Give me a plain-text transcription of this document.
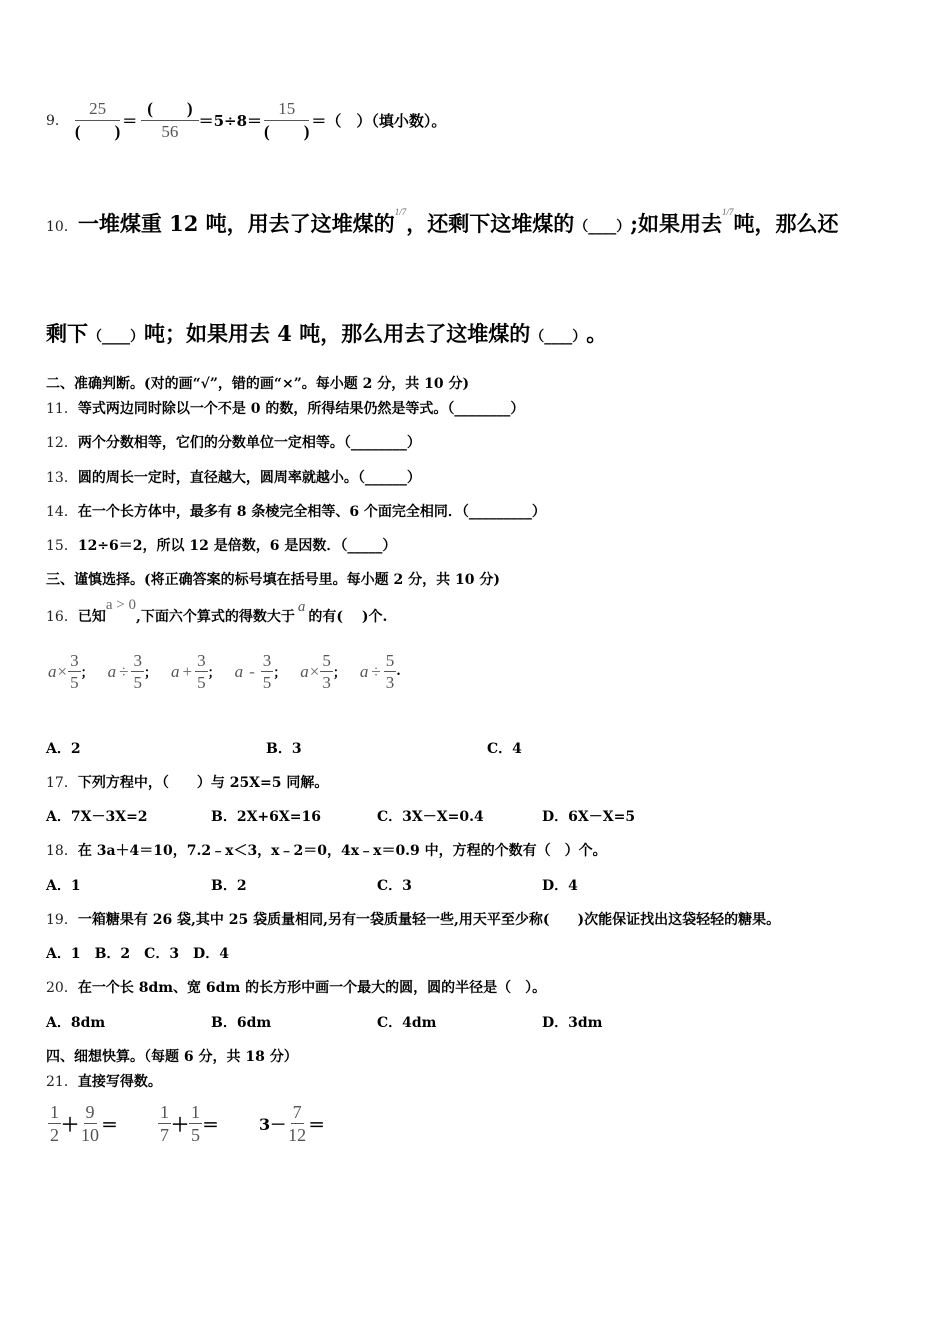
9． $\frac{25}{( )} = \frac{( )}{56} =5\div 8= \frac{15}{( )}$ ＝（　）（填小数）。
10． 一堆煤重 12 吨，用去了这堆煤的 1/7 ，还剩下这堆煤的 （____） ;如果用去 1/7 吨，那么还
剩下 （____） 吨；如果用去 4 吨，那么用去了这堆煤的 （____） 。
二、准确判断。(对的画“√”，错的画“×”。每小题 2 分，共 10 分)
11．等式两边同时除以一个不是 0 的数，所得结果仍然是等式。（________）
12．两个分数相等，它们的分数单位一定相等。（________）
13．圆的周长一定时，直径越大，圆周率就越小。（______）
14．在一个长方体中，最多有 8 条棱完全相等、6 个面完全相同．（_________）
15．12÷6＝2，所以 12 是倍数，6 是因数．（_____）
三、谨慎选择。(将正确答案的标号填在括号里。每小题 2 分，共 10 分)
16． 已知
a > 0
,下面六个算式的得数大于
a
的有(　 )个.
$a \times \frac{3}{5}$ ； $a \div \frac{3}{5}$ ； $a + \frac{3}{5}$ ； a - $\frac{3}{5}$ ； $a \times \frac{5}{3}$ ； $a \div \frac{5}{3}$ .
A．2	B．3	C．4
17．下列方程中，（　　）与 25X=5 同解。
A．7X－3X=2	B．2X+6X=16	C．3X－X=0.4	D．6X－X=5
18．在 3a＋4＝10，7.2﹣x＜3，x﹣2＝0，4x﹣x＝0.9 中，方程的个数有（　）个。
A．1	B．2	C．3	D．4
19．一箱糖果有 26 袋,其中 25 袋质量相同,另有一袋质量轻一些,用天平至少称(　　)次能保证找出这袋轻轻的糖果。
A．1　B．2　C．3　D．4
20．在一个长 8dm、宽 6dm 的长方形中画一个最大的圆，圆的半径是（　）。
A．8dm	B．6dm	C．4dm	D．3dm
四、细想快算。（每题 6 分，共 18 分）
21．直接写得数。
$\frac{1}{2} + \frac{9}{10} = \frac{1}{7} + \frac{1}{5}$ ＝	$3- \frac{7}{12}$ ＝
